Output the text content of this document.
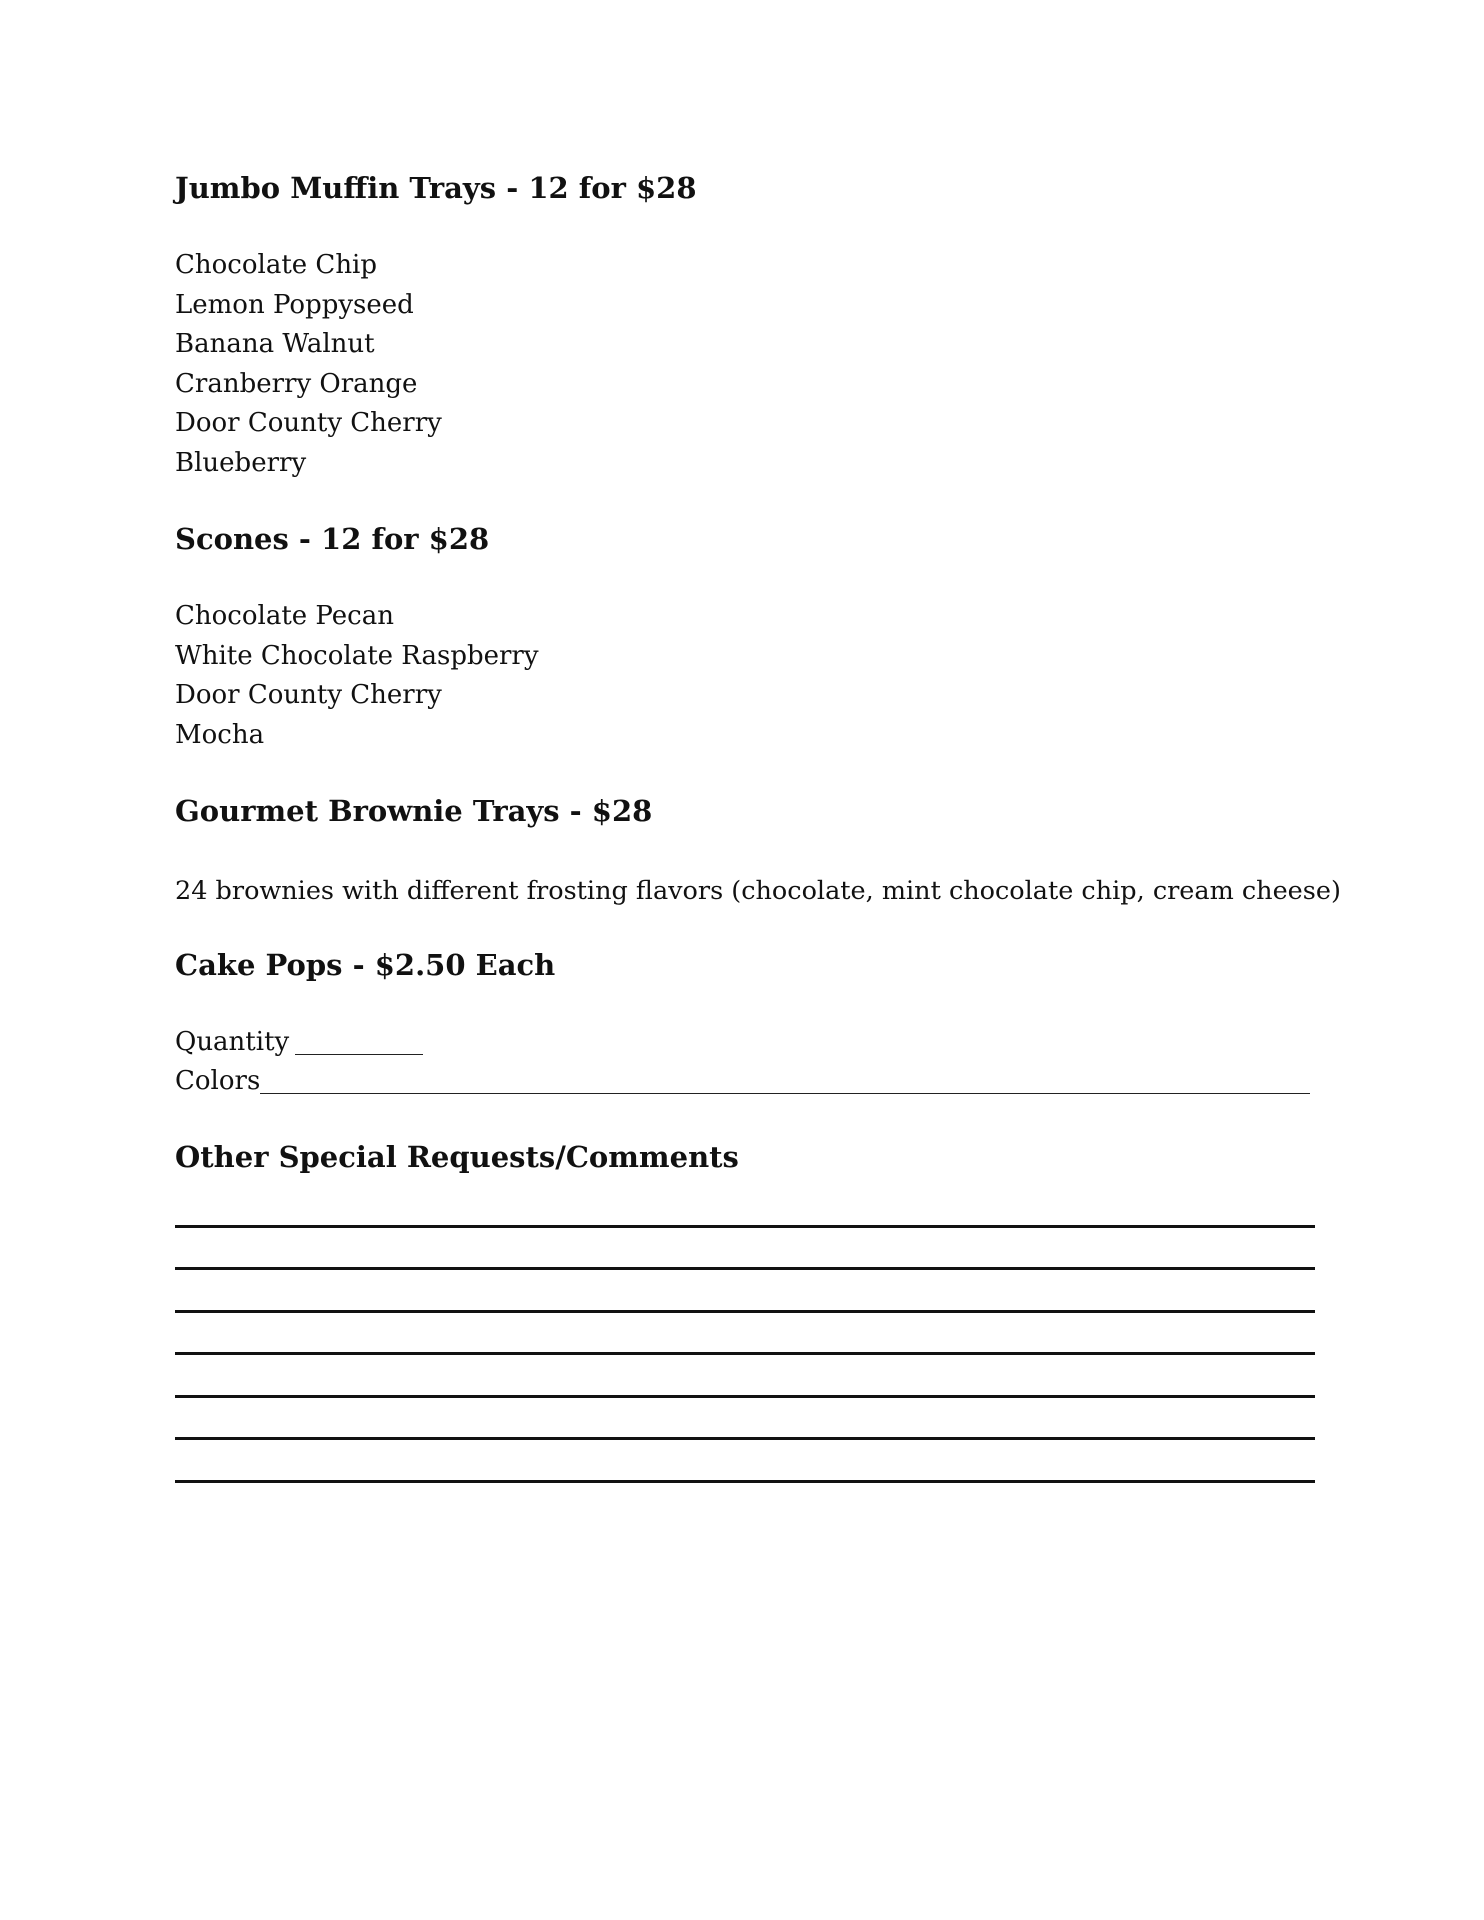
Jumbo Muffin Trays - 12 for $28
Chocolate Chip
Lemon Poppyseed
Banana Walnut
Cranberry Orange
Door County Cherry
Blueberry
Scones - 12 for $28
Chocolate Pecan
White Chocolate Raspberry
Door County Cherry
Mocha
Gourmet Brownie Trays - $28
24 brownies with different frosting flavors (chocolate, mint chocolate chip, cream cheese)
Cake Pops - $2.50 Each
Quantity
Colors
Other Special Requests/Comments
